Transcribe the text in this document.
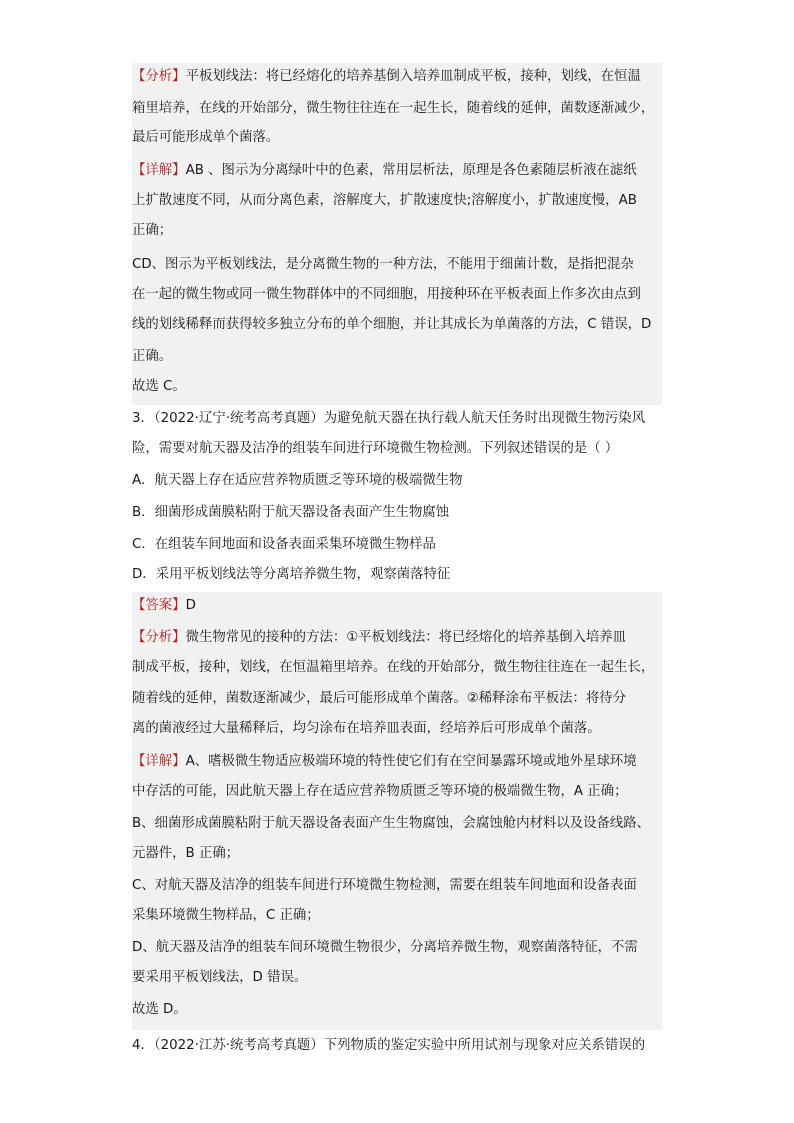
【分析】平板划线法：将已经熔化的培养基倒入培养皿制成平板，接种，划线，在恒温
箱里培养，在线的开始部分，微生物往往连在一起生长，随着线的延伸，菌数逐渐减少，
最后可能形成单个菌落。
【详解】AB 、图示为分离绿叶中的色素，常用层析法，原理是各色素随层析液在滤纸
上扩散速度不同，从而分离色素，溶解度大，扩散速度快;溶解度小，扩散速度慢，AB
正确；
CD、图示为平板划线法，是分离微生物的一种方法，不能用于细菌计数，是指把混杂
在一起的微生物或同一微生物群体中的不同细胞，用接种环在平板表面上作多次由点到
线的划线稀释而获得较多独立分布的单个细胞，并让其成长为单菌落的方法，C 错误，D
正确。
故选 C。
3．（2022·辽宁·统考高考真题）为避免航天器在执行载人航天任务时出现微生物污染风
险，需要对航天器及洁净的组装车间进行环境微生物检测。下列叙述错误的是（ ）
A．航天器上存在适应营养物质匮乏等环境的极端微生物
B．细菌形成菌膜粘附于航天器设备表面产生生物腐蚀
C．在组装车间地面和设备表面采集环境微生物样品
D．采用平板划线法等分离培养微生物，观察菌落特征
【答案】D
【分析】微生物常见的接种的方法：①平板划线法：将已经熔化的培养基倒入培养皿
制成平板，接种，划线，在恒温箱里培养。在线的开始部分，微生物往往连在一起生长，
随着线的延伸，菌数逐渐减少，最后可能形成单个菌落。②稀释涂布平板法：将待分
离的菌液经过大量稀释后，均匀涂布在培养皿表面，经培养后可形成单个菌落。
【详解】A、嗜极微生物适应极端环境的特性使它们有在空间暴露环境或地外星球环境
中存活的可能，因此航天器上存在适应营养物质匮乏等环境的极端微生物，A 正确；
B、细菌形成菌膜粘附于航天器设备表面产生生物腐蚀，会腐蚀舱内材料以及设备线路、
元器件，B 正确；
C、对航天器及洁净的组装车间进行环境微生物检测，需要在组装车间地面和设备表面
采集环境微生物样品，C 正确；
D、航天器及洁净的组装车间环境微生物很少，分离培养微生物，观察菌落特征，不需
要采用平板划线法，D 错误。
故选 D。
4．（2022·江苏·统考高考真题）下列物质的鉴定实验中所用试剂与现象对应关系错误的
